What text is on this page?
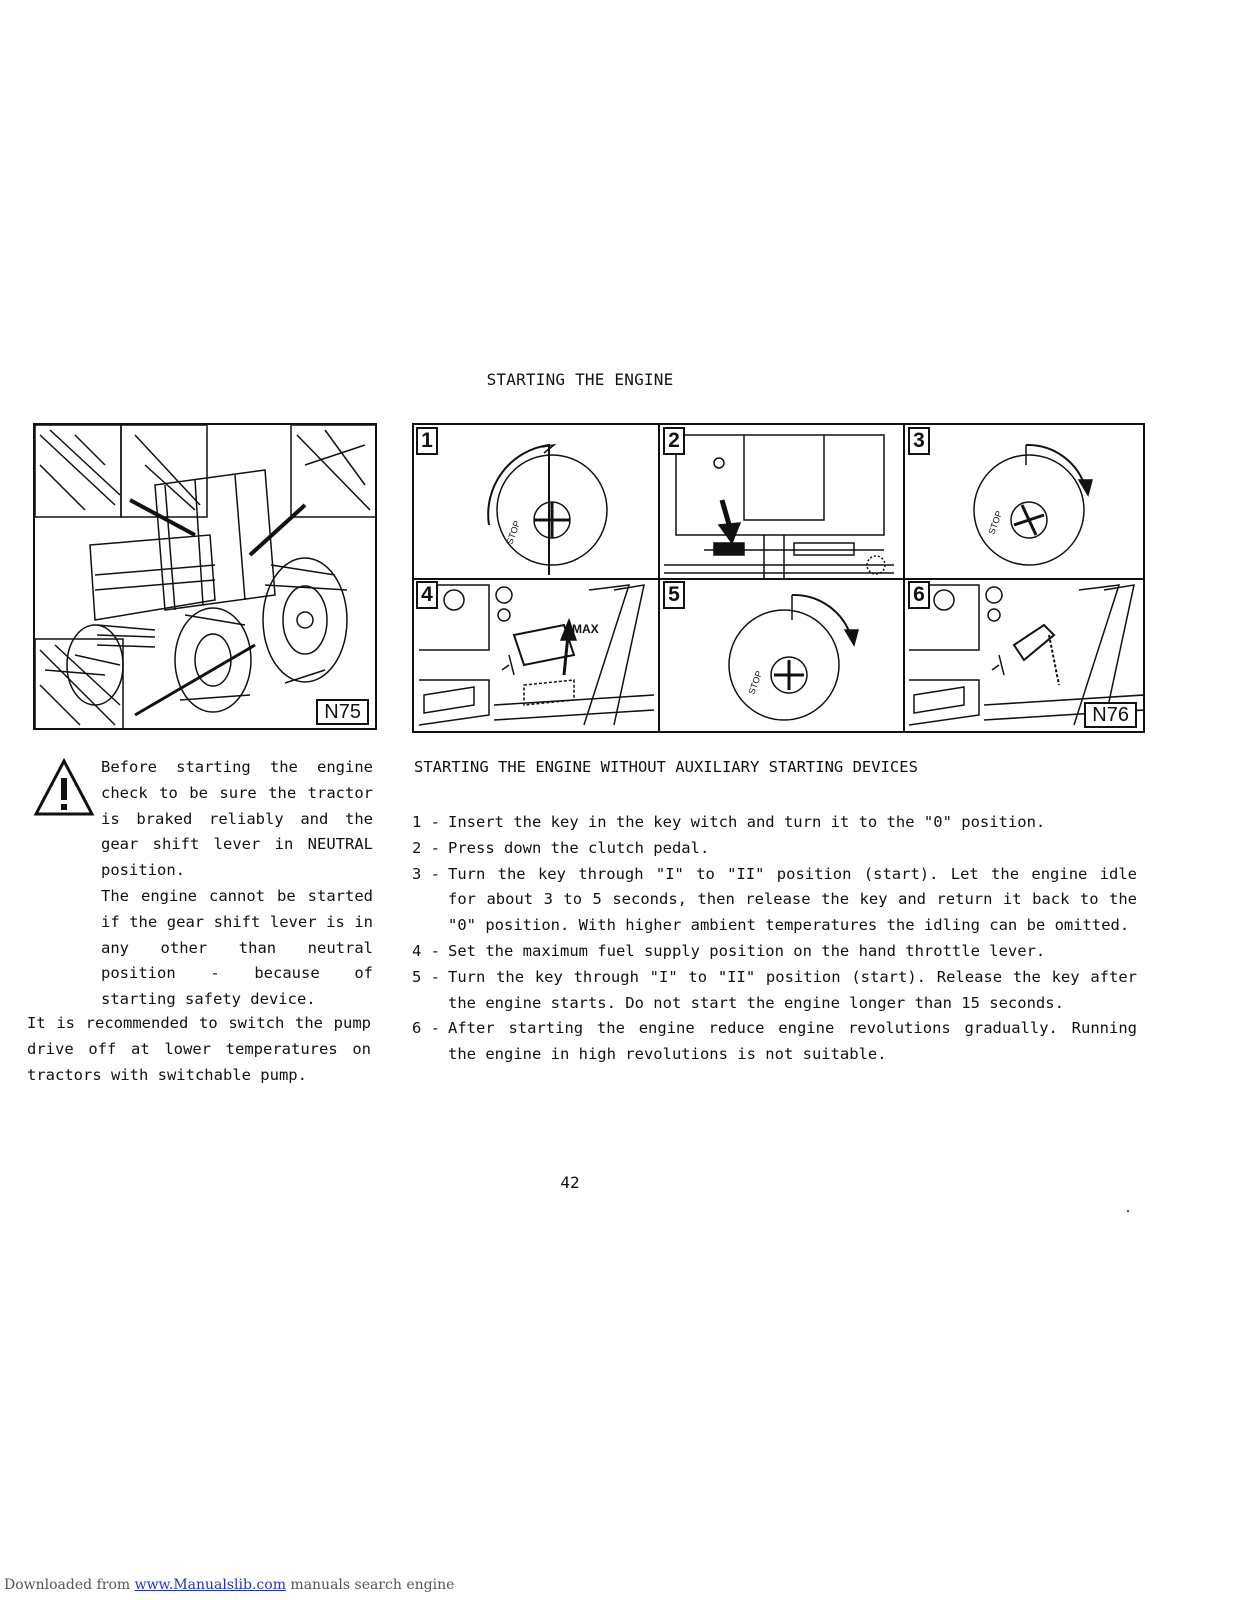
STARTING THE ENGINE
N75
STOP	STOP
MAX
STOP
1	2	3
4	5	6
N76

Before starting the engine check to be sure the tractor is braked reliably and the gear shift lever in NEUTRAL position.

The engine cannot be started if the gear shift lever is in any other than neutral position - because of starting safety device.

It is recommended to switch the pump drive off at lower temperatures on tractors with switchable pump.
STARTING THE ENGINE WITHOUT AUXILIARY STARTING DEVICES
1 - Insert the key in the key witch and turn it to the "0" position.
2 - Press down the clutch pedal.
3 - Turn the key through "I" to "II" position (start). Let the engine idle for about 3 to 5 seconds, then release the key and return it back to the "0" position. With higher ambient temperatures the idling can be omitted.
4 - Set the maximum fuel supply position on the hand throttle lever.
5 - Turn the key through "I" to "II" position (start). Release the key after the engine starts. Do not start the engine longer than 15 seconds.
6 - After starting the engine reduce engine revolutions gradually. Running the engine in high revolutions is not suitable.
42
Downloaded from www.Manualslib.com manuals search engine
